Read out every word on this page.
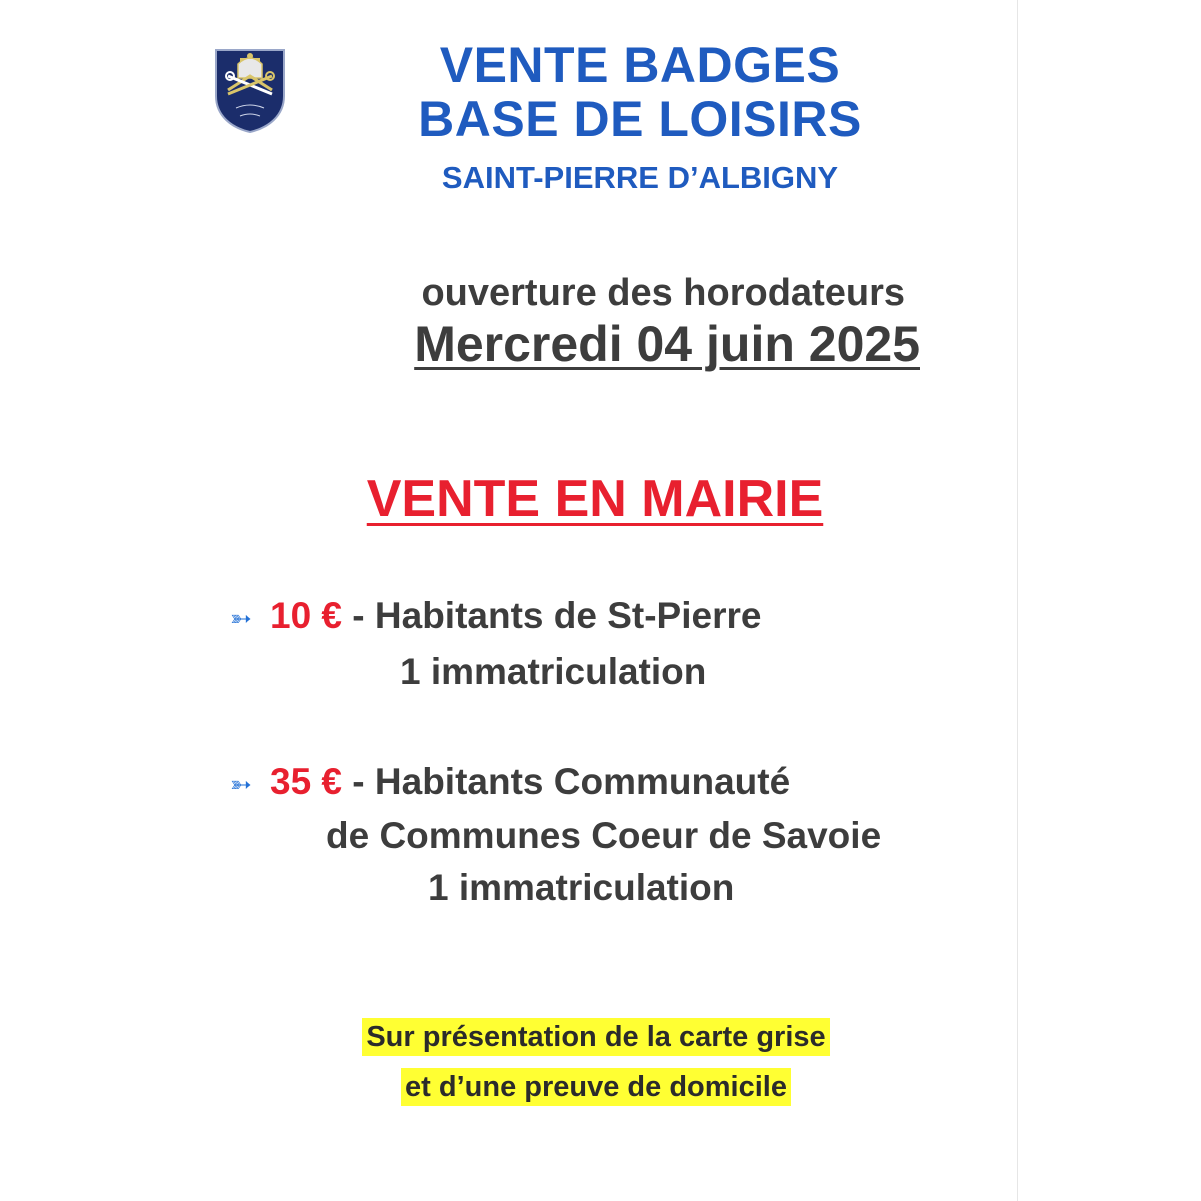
VENTE BADGES
BASE DE LOISIRS
SAINT-PIERRE D’ALBIGNY
ouverture des horodateurs
Mercredi 04 juin 2025
VENTE EN MAIRIE
➳ 10 € - Habitants de St-Pierre
1 immatriculation
➳ 35 € - Habitants Communauté
de Communes Coeur de Savoie
1 immatriculation
Sur présentation de la carte grise
et d’une preuve de domicile
